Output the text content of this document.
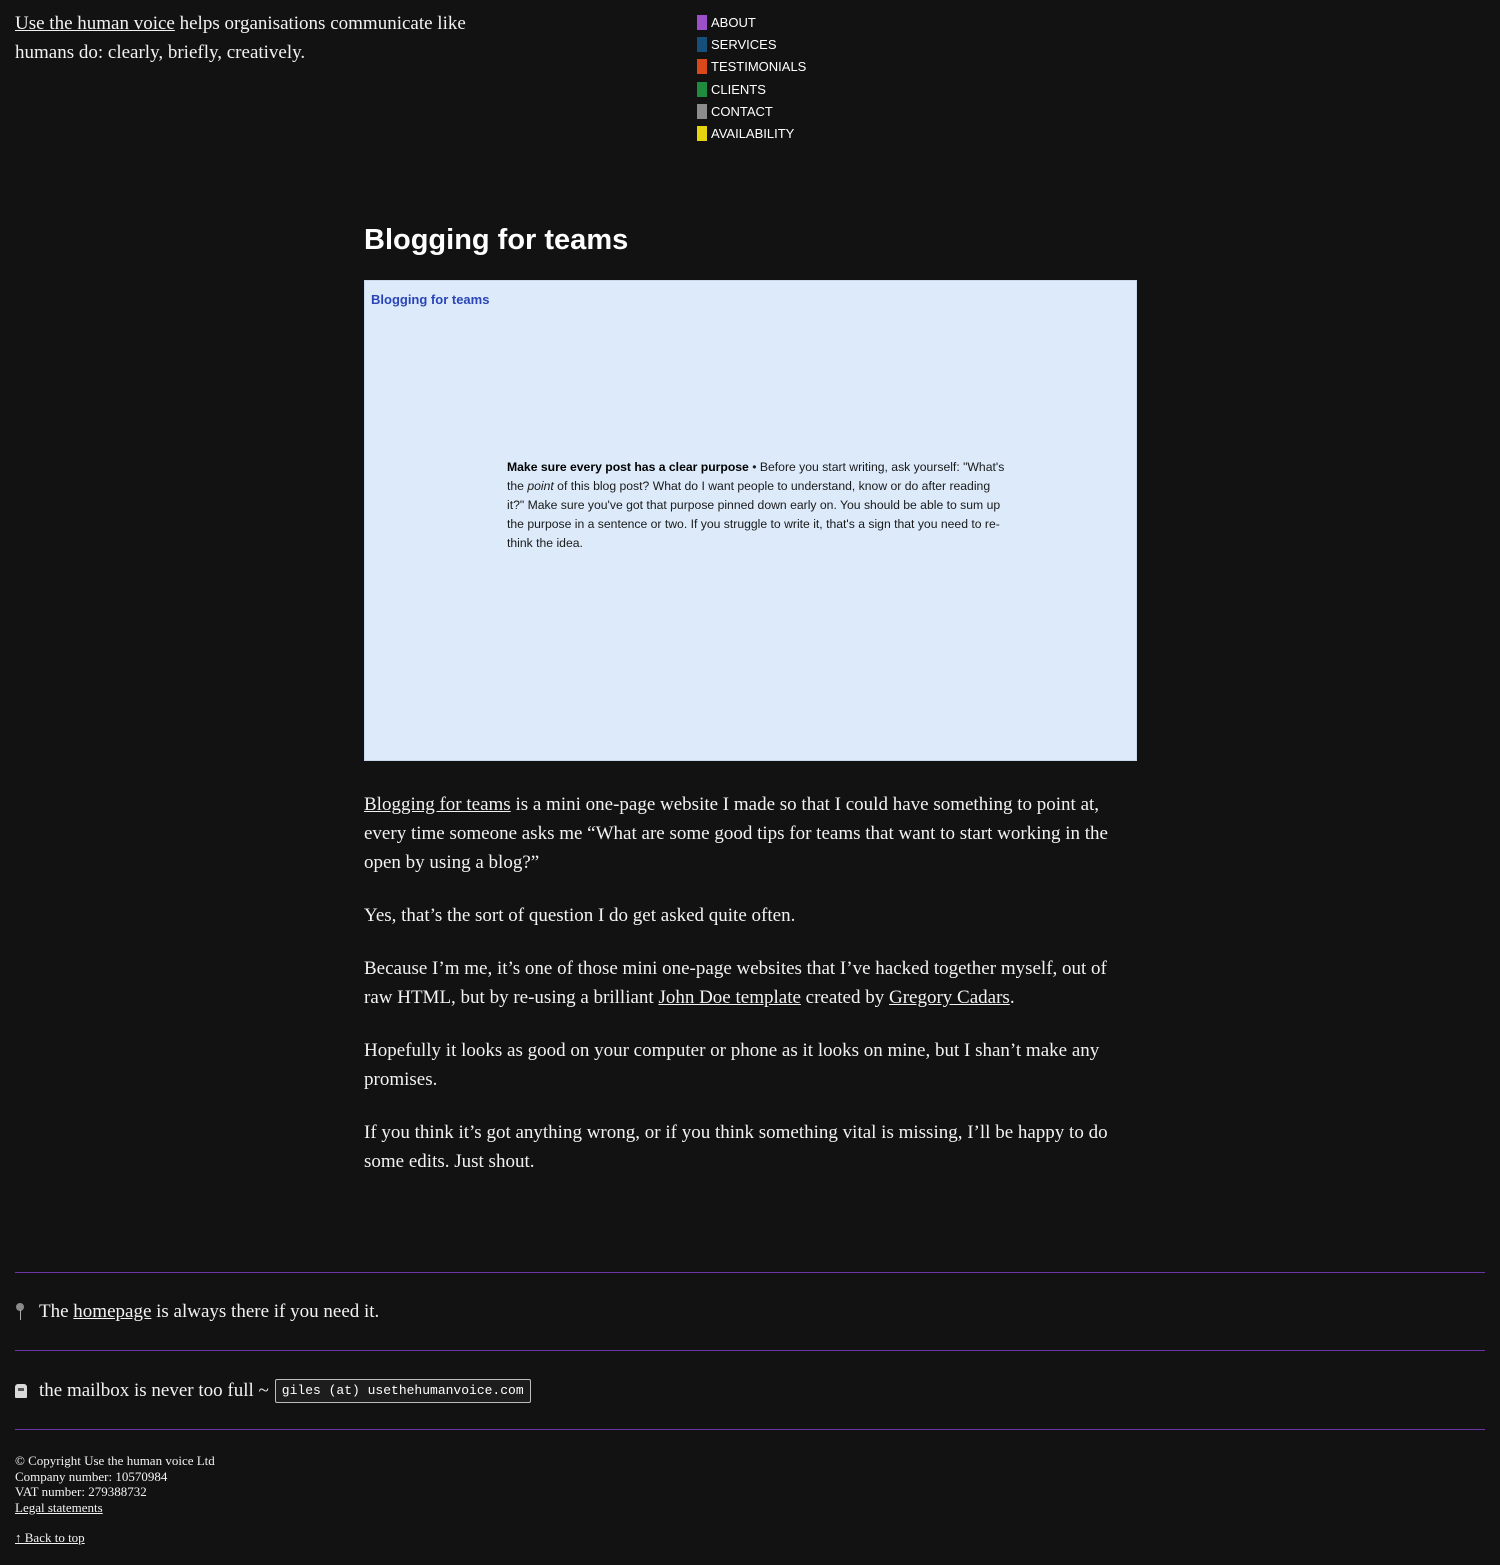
Use the human voice helps organisations communicate like humans do: clearly, briefly, creatively.
ABOUT
SERVICES
TESTIMONIALS
CLIENTS
CONTACT
AVAILABILITY
Blogging for teams
Blogging for teams
Make sure every post has a clear purpose • Before you start writing, ask yourself: "What's the point of this blog post? What do I want people to understand, know or do after reading it?" Make sure you've got that purpose pinned down early on. You should be able to sum up the purpose in a sentence or two. If you struggle to write it, that's a sign that you need to re-think the idea.

Blogging for teams is a mini one-page website I made so that I could have something to point at, every time someone asks me “What are some good tips for teams that want to start working in the open by using a blog?”

Yes, that’s the sort of question I do get asked quite often.

Because I’m me, it’s one of those mini one-page websites that I’ve hacked together myself, out of raw HTML, but by re-using a brilliant John Doe template created by Gregory Cadars.

Hopefully it looks as good on your computer or phone as it looks on mine, but I shan’t make any promises.

If you think it’s got anything wrong, or if you think something vital is missing, I’ll be happy to do some edits. Just shout.

The
homepage
is always there if you need it.
the mailbox is never too full ~	giles (at) usethehumanvoice.com
© Copyright Use the human voice Ltd
Company number: 10570984
VAT number: 279388732
Legal statements
↑ Back to top
